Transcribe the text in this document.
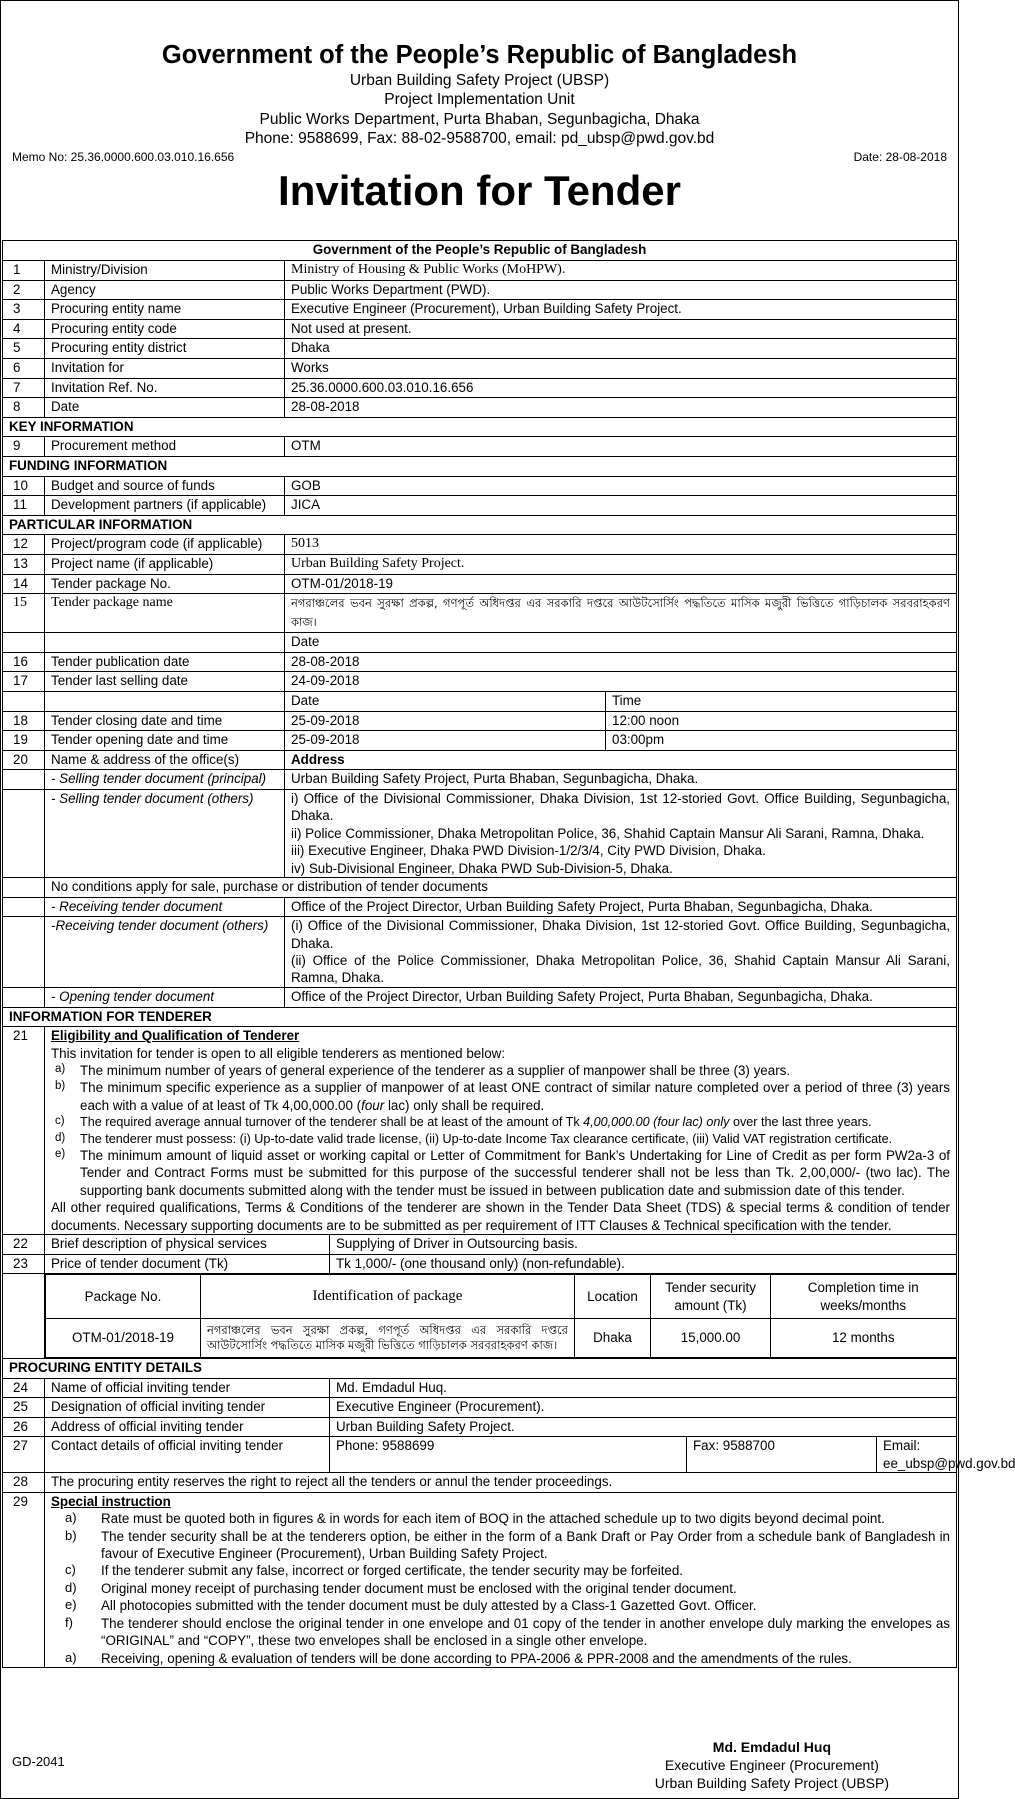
Government of the People’s Republic of Bangladesh
Urban Building Safety Project (UBSP)
Project Implementation Unit
Public Works Department, Purta Bhaban, Segunbagicha, Dhaka
Phone: 9588699, Fax: 88-02-9588700, email: pd_ubsp@pwd.gov.bd
Memo No: 25.36.0000.600.03.010.16.656	Date: 28-08-2018
Invitation for Tender
Government of the People’s Republic of Bangladesh
1	Ministry/Division	Ministry of Housing & Public Works (MoHPW).
2	Agency	Public Works Department (PWD).
3	Procuring entity name	Executive Engineer (Procurement), Urban Building Safety Project.
4	Procuring entity code	Not used at present.
5	Procuring entity district	Dhaka
6	Invitation for	Works
7	Invitation Ref. No.	25.36.0000.600.03.010.16.656
8	Date	28-08-2018
KEY INFORMATION
9	Procurement method	OTM
FUNDING INFORMATION
10	Budget and source of funds	GOB
11	Development partners (if applicable)	JICA
PARTICULAR INFORMATION
12	Project/program code (if applicable)	5013
13	Project name (if applicable)	Urban Building Safety Project.
14	Tender package No.	OTM-01/2018-19
15	Tender package name	নগরাঞ্চলের ভবন সুরক্ষা প্রকল্প, গণপূর্ত অধিদপ্তর এর সরকারি দপ্তরে আউটসোর্সিং পদ্ধতিতে মাসিক মজুরী ভিত্তিতে গাড়িচালক সরবরাহকরণ কাজ।
		Date
16	Tender publication date	28-08-2018
17	Tender last selling date	24-09-2018
		Date	Time
18	Tender closing date and time	25-09-2018	12:00 noon
19	Tender opening date and time	25-09-2018	03:00pm
20	Name & address of the office(s)	Address
	- Selling tender document (principal)	Urban Building Safety Project, Purta Bhaban, Segunbagicha, Dhaka.
	- Selling tender document (others)	i) Office of the Divisional Commissioner, Dhaka Division, 1st 12-storied Govt. Office Building, Segunbagicha, Dhaka.
ii) Police Commissioner, Dhaka Metropolitan Police, 36, Shahid Captain Mansur Ali Sarani, Ramna, Dhaka.
iii) Executive Engineer, Dhaka PWD Division-1/2/3/4, City PWD Division, Dhaka.
iv) Sub-Divisional Engineer, Dhaka PWD Sub-Division-5, Dhaka.

	No conditions apply for sale, purchase or distribution of tender documents
	- Receiving tender document	Office of the Project Director, Urban Building Safety Project, Purta Bhaban, Segunbagicha, Dhaka.
	-Receiving tender document (others)	(i) Office of the Divisional Commissioner, Dhaka Division, 1st 12-storied Govt. Office Building, Segunbagicha, Dhaka.
(ii) Office of the Police Commissioner, Dhaka Metropolitan Police, 36, Shahid Captain Mansur Ali Sarani, Ramna, Dhaka.

	- Opening tender document	Office of the Project Director, Urban Building Safety Project, Purta Bhaban, Segunbagicha, Dhaka.
INFORMATION FOR TENDERER
21	Eligibility and Qualification of Tenderer
This invitation for tender is open to all eligible tenderers as mentioned below:
a)	The minimum number of years of general experience of the tenderer as a supplier of manpower shall be three (3) years.
b)	The minimum specific experience as a supplier of manpower of at least ONE contract of similar nature completed over a period of three (3) years each with a value of at least of Tk 4,00,000.00 (four lac) only shall be required.
c)	The required average annual turnover of the tenderer shall be at least of the amount of Tk 4,00,000.00 (four lac) only over the last three years.
d)	The tenderer must possess: (i) Up-to-date valid trade license, (ii) Up-to-date Income Tax clearance certificate, (iii) Valid VAT registration certificate.
e)	The minimum amount of liquid asset or working capital or Letter of Commitment for Bank’s Undertaking for Line of Credit as per form PW2a-3 of Tender and Contract Forms must be submitted for this purpose of the successful tenderer shall not be less than Tk. 2,00,000/- (two lac). The supporting bank documents submitted along with the tender must be issued in between publication date and submission date of this tender.
All other required qualifications, Terms & Conditions of the tenderer are shown in the Tender Data Sheet (TDS) & special terms & condition of tender documents. Necessary supporting documents are to be submitted as per requirement of ITT Clauses & Technical specification with the tender.

22	Brief description of physical services	Supplying of Driver in Outsourcing basis.
23	Price of tender document (Tk)	Tk 1,000/- (one thousand only) (non-refundable).

Package No.	Identification of package	Location	Tender security amount (Tk)	Completion time in weeks/months
OTM-01/2018-19	নগরাঞ্চলের ভবন সুরক্ষা প্রকল্প, গণপূর্ত অধিদপ্তর এর সরকারি দপ্তরে আউটসোর্সিং পদ্ধতিতে মাসিক মজুরী ভিত্তিতে গাড়িচালক সরবরাহকরণ কাজ।	Dhaka	15,000.00	12 months

PROCURING ENTITY DETAILS
24	Name of official inviting tender	Md. Emdadul Huq.
25	Designation of official inviting tender	Executive Engineer (Procurement).
26	Address of official inviting tender	Urban Building Safety Project.
27	Contact details of official inviting tender	Phone: 9588699	Fax: 9588700	Email: ee_ubsp@pwd.gov.bd
28	The procuring entity reserves the right to reject all the tenders or annul the tender proceedings.
29	Special instruction
a)	Rate must be quoted both in figures & in words for each item of BOQ in the attached schedule up to two digits beyond decimal point.
b)	The tender security shall be at the tenderers option, be either in the form of a Bank Draft or Pay Order from a schedule bank of Bangladesh in favour of Executive Engineer (Procurement), Urban Building Safety Project.
c)	If the tenderer submit any false, incorrect or forged certificate, the tender security may be forfeited.
d)	Original money receipt of purchasing tender document must be enclosed with the original tender document.
e)	All photocopies submitted with the tender document must be duly attested by a Class-1 Gazetted Govt. Officer.
f)	The tenderer should enclose the original tender in one envelope and 01 copy of the tender in another envelope duly marking the envelopes as “ORIGINAL” and “COPY”, these two envelopes shall be enclosed in a single other envelope.
a)	Receiving, opening & evaluation of tenders will be done according to PPA-2006 & PPR-2008 and the amendments of the rules.
GD-2041
Md. Emdadul Huq
Executive Engineer (Procurement)
Urban Building Safety Project (UBSP)
